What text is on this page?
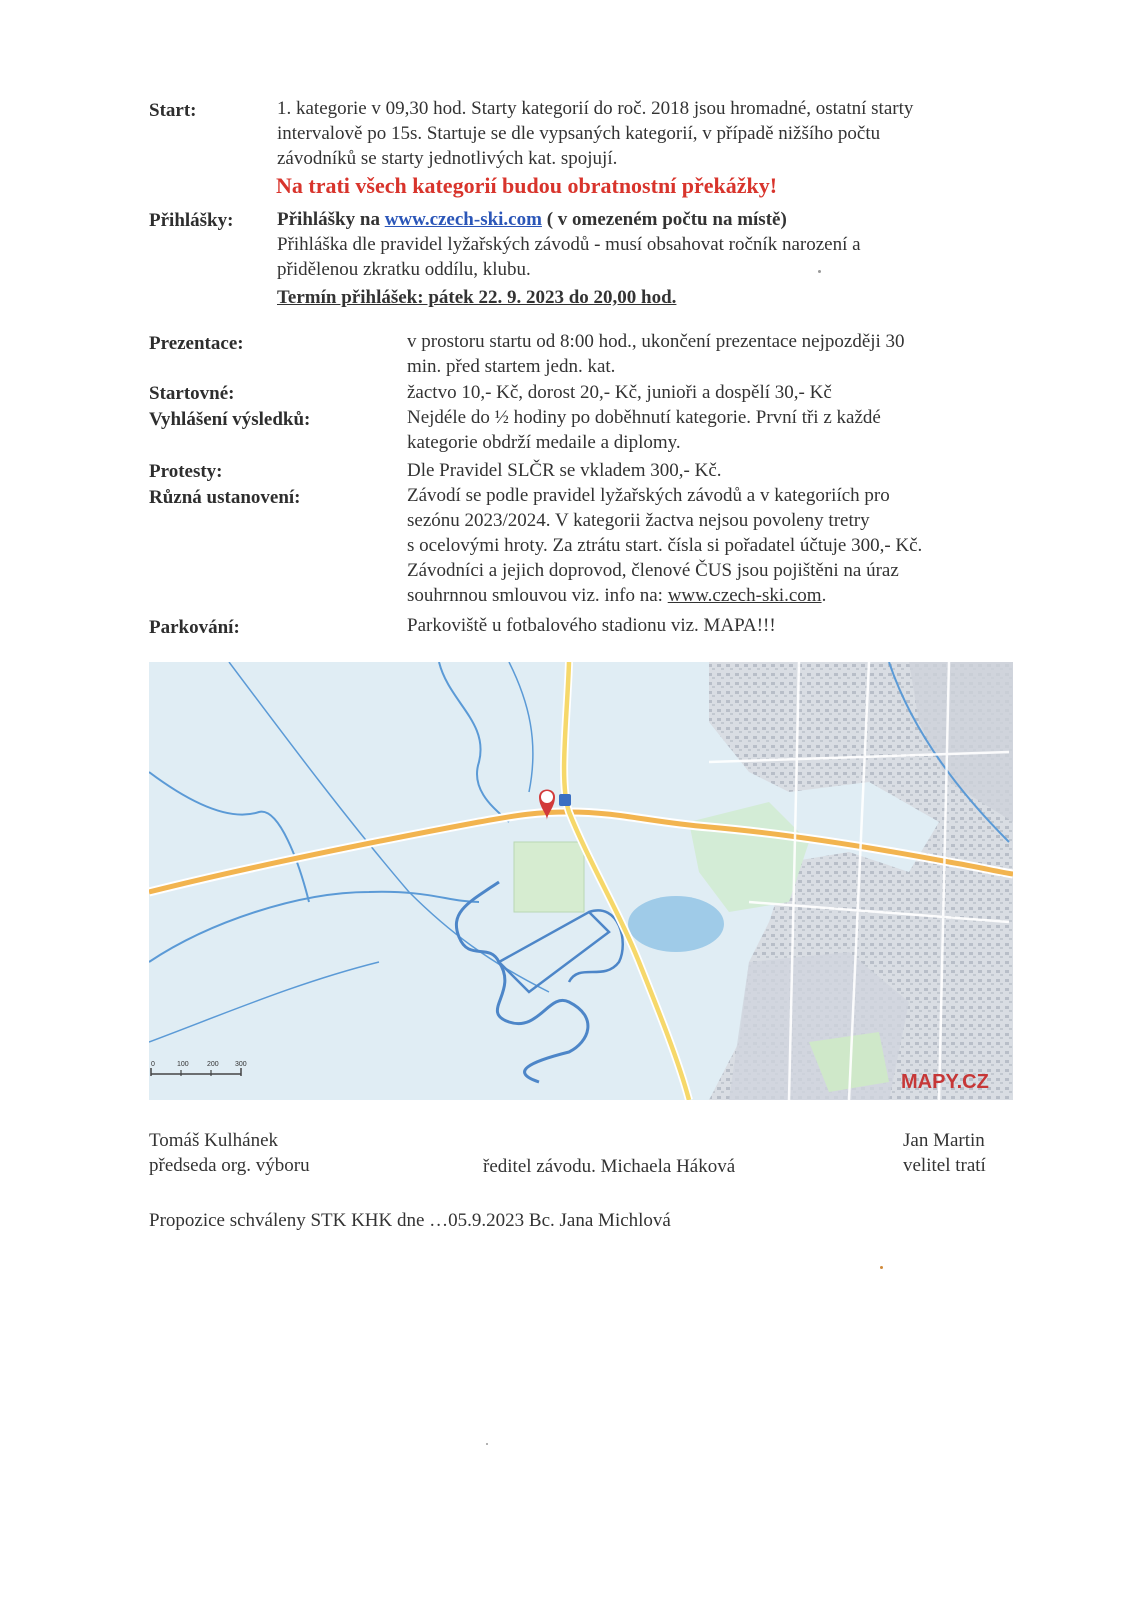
Start:	1. kategorie v 09,30 hod. Starty kategorií do roč. 2018 jsou hromadné, ostatní starty
intervalově po 15s. Startuje se dle vypsaných kategorií, v případě nižšího počtu
závodníků se starty jednotlivých kat. spojují.
Na trati všech kategorií budou obratnostní překážky!
Přihlášky: Přihlášky na www.czech-ski.com ( v omezeném počtu na místě)
Přihláška dle pravidel lyžařských závodů - musí obsahovat ročník narození a
přidělenou zkratku oddílu, klubu.
Termín přihlášek: pátek 22. 9. 2023 do 20,00 hod.
Prezentace:	v prostoru startu od 8:00 hod., ukončení prezentace nejpozději 30
min. před startem jedn. kat.
Startovné:	žactvo 10,- Kč, dorost 20,- Kč, junioři a dospělí 30,- Kč
Vyhlášení výsledků:	Nejdéle do ½ hodiny po doběhnutí kategorie. První tři z každé
kategorie obdrží medaile a diplomy.
Protesty:	Dle Pravidel SLČR se vkladem 300,- Kč.
Různá ustanovení:	Závodí se podle pravidel lyžařských závodů a v kategoriích pro
sezónu 2023/2024. V kategorii žactva nejsou povoleny tretry
s ocelovými hroty. Za ztrátu start. čísla si pořadatel účtuje 300,- Kč.
Závodníci a jejich doprovod, členové ČUS jsou pojištěni na úraz
souhrnnou smlouvou viz. info na: www.czech-ski.com.
Parkování:	Parkoviště u fotbalového stadionu viz. MAPA!!!
0	100	200 300
MAPY.CZ
Tomáš Kulhánek
předseda org. výboru	ředitel závodu. Michaela Háková
Jan Martin
velitel tratí
Propozice schváleny STK KHK dne …05.9.2023 Bc. Jana Michlová
